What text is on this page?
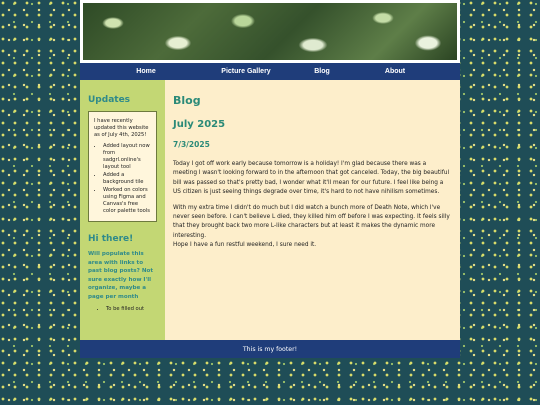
Home	Picture Gallery	Blog	About
Updates
I have recently updated this website as of July 4th, 2025!
• Added layout now from sadgrl.online's layout tool
• Added a background tile
• Worked on colors using Figma and Canvas's free color palette tools
Hi there!
Will populate this area with links to past blog posts? Not sure exactly how I'll organize, maybe a page per month
• To be filled out
Blog
July 2025
7/3/2025

Today I got off work early because tomorrow is a holiday! I'm glad because there was a meeting I wasn't looking forward to in the afternoon that got canceled. Today, the big beautiful bill was passed so that's pretty bad, I wonder what it'll mean for our future. I feel like being a US citizen is just seeing things degrade over time, it's hard to not have nihilism sometimes.

With my extra time I didn't do much but I did watch a bunch more of Death Note, which I've never seen before. I can't believe L died, they killed him off before I was expecting. It feels silly that they brought back two more L-like characters but at least it makes the dynamic more interesting.

Hope I have a fun restful weekend, I sure need it.

This is my footer!
